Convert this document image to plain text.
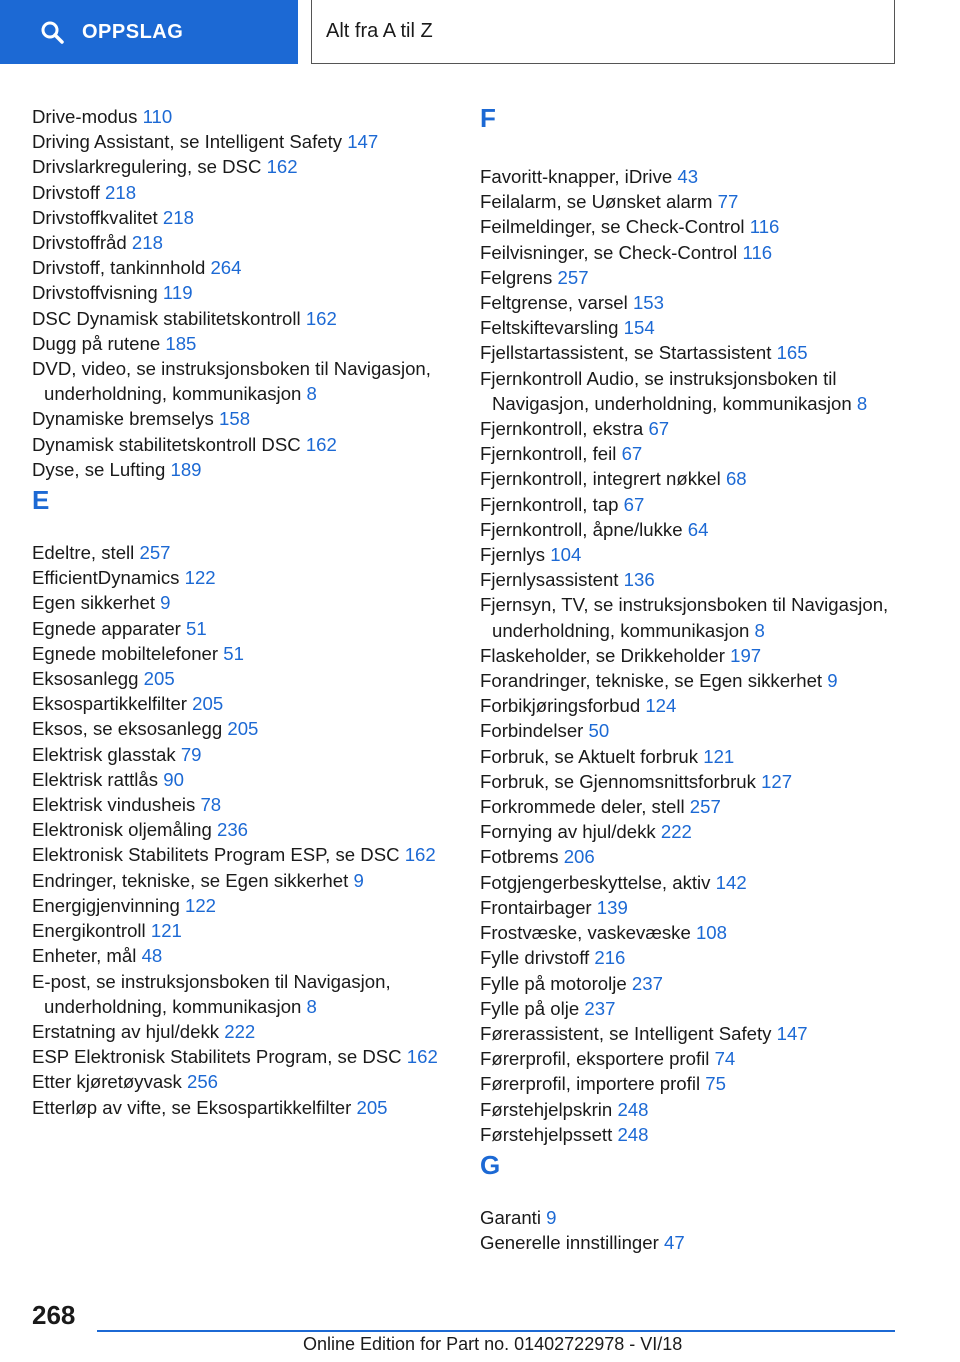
OPPSLAG	Alt fra A til Z
Drive-modus 110
Driving Assistant, se Intelligent Safety 147
Drivslarkregulering, se DSC 162
Drivstoff 218
Drivstoffkvalitet 218
Drivstoffråd 218
Drivstoff, tankinnhold 264
Drivstoffvisning 119
DSC Dynamisk stabilitetskontroll 162
Dugg på rutene 185
DVD, video, se instruksjonsboken til Navigasjon, underholdning, kommunikasjon 8
Dynamiske bremselys 158
Dynamisk stabilitetskontroll DSC 162
Dyse, se Lufting 189
E
Edeltre, stell 257
EfficientDynamics 122
Egen sikkerhet 9
Egnede apparater 51
Egnede mobiltelefoner 51
Eksosanlegg 205
Eksospartikkelfilter 205
Eksos, se eksosanlegg 205
Elektrisk glasstak 79
Elektrisk rattlås 90
Elektrisk vindusheis 78
Elektronisk oljemåling 236
Elektronisk Stabilitets Program ESP, se DSC 162
Endringer, tekniske, se Egen sikkerhet 9
Energigjenvinning 122
Energikontroll 121
Enheter, mål 48
E-post, se instruksjonsboken til Navigasjon, underholdning, kommunikasjon 8
Erstatning av hjul/dekk 222
ESP Elektronisk Stabilitets Program, se DSC 162
Etter kjøretøyvask 256
Etterløp av vifte, se Eksospartikkelfilter 205
F
Favoritt-knapper, iDrive 43
Feilalarm, se Uønsket alarm 77
Feilmeldinger, se Check-Control 116
Feilvisninger, se Check-Control 116
Felgrens 257
Feltgrense, varsel 153
Feltskiftevarsling 154
Fjellstartassistent, se Startassistent 165
Fjernkontroll Audio, se instruksjonsboken til Navigasjon, underholdning, kommunikasjon 8
Fjernkontroll, ekstra 67
Fjernkontroll, feil 67
Fjernkontroll, integrert nøkkel 68
Fjernkontroll, tap 67
Fjernkontroll, åpne/lukke 64
Fjernlys 104
Fjernlysassistent 136
Fjernsyn, TV, se instruksjonsboken til Navigasjon, underholdning, kommunikasjon 8
Flaskeholder, se Drikkeholder 197
Forandringer, tekniske, se Egen sikkerhet 9
Forbikjøringsforbud 124
Forbindelser 50
Forbruk, se Aktuelt forbruk 121
Forbruk, se Gjennomsnittsforbruk 127
Forkrommede deler, stell 257
Fornying av hjul/dekk 222
Fotbrems 206
Fotgjengerbeskyttelse, aktiv 142
Frontairbager 139
Frostvæske, vaskevæske 108
Fylle drivstoff 216
Fylle på motorolje 237
Fylle på olje 237
Førerassistent, se Intelligent Safety 147
Førerprofil, eksportere profil 74
Førerprofil, importere profil 75
Førstehjelpskrin 248
Førstehjelpssett 248
G
Garanti 9
Generelle innstillinger 47
268
Online Edition for Part no. 01402722978 - VI/18
